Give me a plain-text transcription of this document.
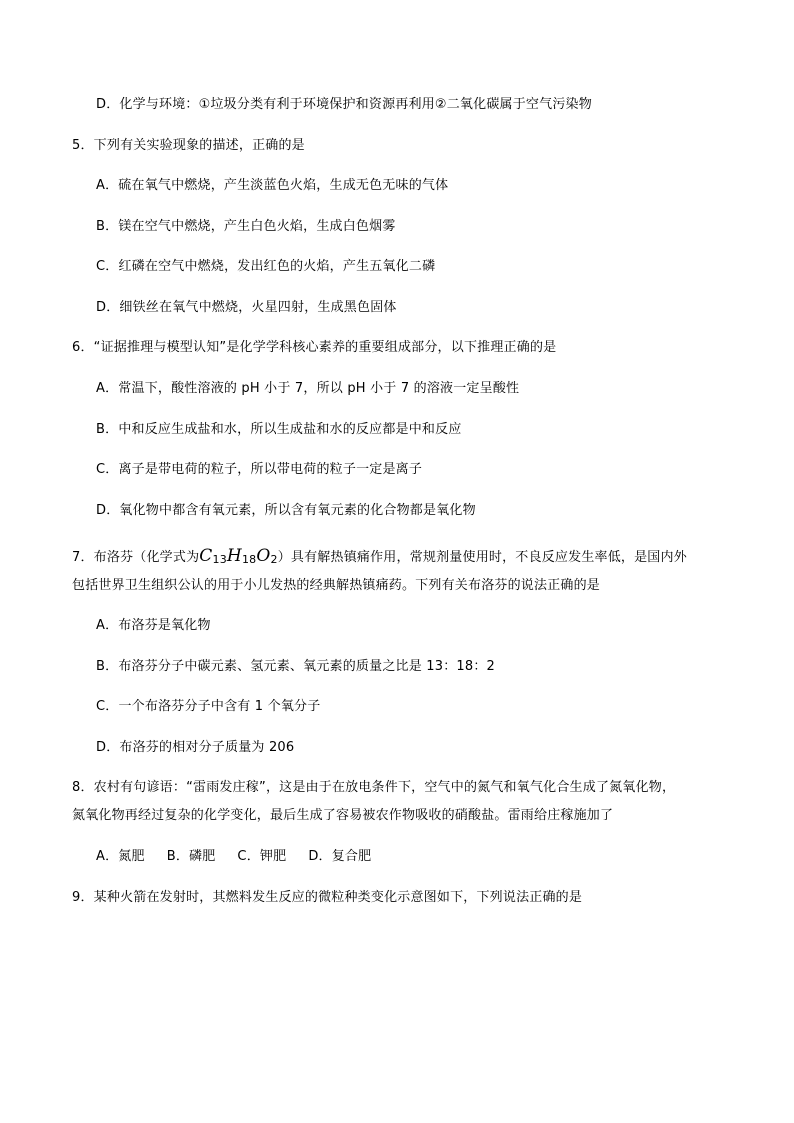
D．化学与环境：①垃圾分类有利于环境保护和资源再利用②二氧化碳属于空气污染物
5．下列有关实验现象的描述，正确的是
A．硫在氧气中燃烧，产生淡蓝色火焰，生成无色无味的气体
B．镁在空气中燃烧，产生白色火焰，生成白色烟雾
C．红磷在空气中燃烧，发出红色的火焰，产生五氧化二磷
D．细铁丝在氧气中燃烧，火星四射，生成黑色固体
6．“证据推理与模型认知”是化学学科核心素养的重要组成部分，以下推理正确的是
A．常温下，酸性溶液的 pH 小于 7，所以 pH 小于 7 的溶液一定呈酸性
B．中和反应生成盐和水，所以生成盐和水的反应都是中和反应
C．离子是带电荷的粒子，所以带电荷的粒子一定是离子
D．氧化物中都含有氧元素，所以含有氧元素的化合物都是氧化物
7．布洛芬（化学式为$C_{13}H_{18}O_2$）具有解热镇痛作用，常规剂量使用时，不良反应发生率低，是国内外
包括世界卫生组织公认的用于小儿发热的经典解热镇痛药。下列有关布洛芬的说法正确的是
A．布洛芬是氧化物
B．布洛芬分子中碳元素、氢元素、氧元素的质量之比是 13：18：2
C．一个布洛芬分子中含有 1 个氧分子
D．布洛芬的相对分子质量为 206
8．农村有句谚语：“雷雨发庄稼”，这是由于在放电条件下，空气中的氮气和氧气化合生成了氮氧化物，
氮氧化物再经过复杂的化学变化，最后生成了容易被农作物吸收的硝酸盐。雷雨给庄稼施加了
A．氮肥 B．磷肥 C．钾肥 D．复合肥
9．某种火箭在发射时，其燃料发生反应的微粒种类变化示意图如下，下列说法正确的是
